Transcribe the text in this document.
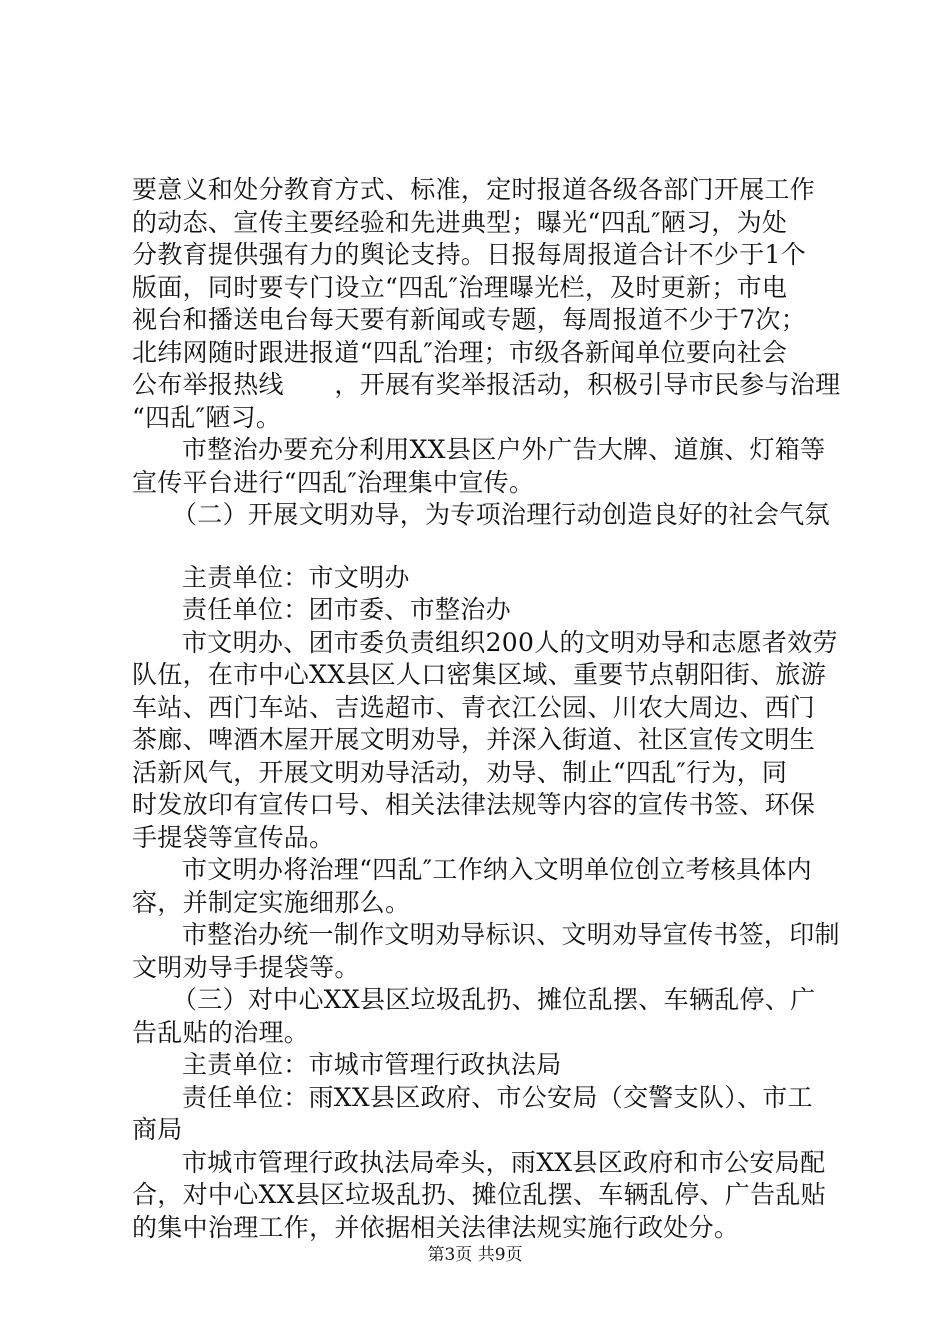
要意义和处分教育方式、标准，定时报道各级各部门开展工作
的动态、宣传主要经验和先进典型；曝光“四乱″陋习，为处
分教育提供强有力的舆论支持。日报每周报道合计不少于1个
版面，同时要专门设立“四乱″治理曝光栏，及时更新；市电
视台和播送电台每天要有新闻或专题，每周报道不少于7次；
北纬网随时跟进报道“四乱″治理；市级各新闻单位要向社会
公布举报热线　　，开展有奖举报活动，积极引导市民参与治理
“四乱″陋习。
市整治办要充分利用XX县区户外广告大牌、道旗、灯箱等
宣传平台进行“四乱″治理集中宣传。
（二）开展文明劝导，为专项治理行动创造良好的社会气氛
主责单位：市文明办
责任单位：团市委、市整治办
市文明办、团市委负责组织200人的文明劝导和志愿者效劳
队伍，在市中心XX县区人口密集区域、重要节点朝阳街、旅游
车站、西门车站、吉选超市、青衣江公园、川农大周边、西门
茶廊、啤酒木屋开展文明劝导，并深入街道、社区宣传文明生
活新风气，开展文明劝导活动，劝导、制止“四乱″行为，同
时发放印有宣传口号、相关法律法规等内容的宣传书签、环保
手提袋等宣传品。
市文明办将治理“四乱″工作纳入文明单位创立考核具体内
容，并制定实施细那么。
市整治办统一制作文明劝导标识、文明劝导宣传书签，印制
文明劝导手提袋等。
（三）对中心XX县区垃圾乱扔、摊位乱摆、车辆乱停、广
告乱贴的治理。
主责单位：市城市管理行政执法局
责任单位：雨XX县区政府、市公安局（交警支队）、市工
商局
市城市管理行政执法局牵头，雨XX县区政府和市公安局配
合，对中心XX县区垃圾乱扔、摊位乱摆、车辆乱停、广告乱贴
的集中治理工作，并依据相关法律法规实施行政处分。
第3页 共9页
